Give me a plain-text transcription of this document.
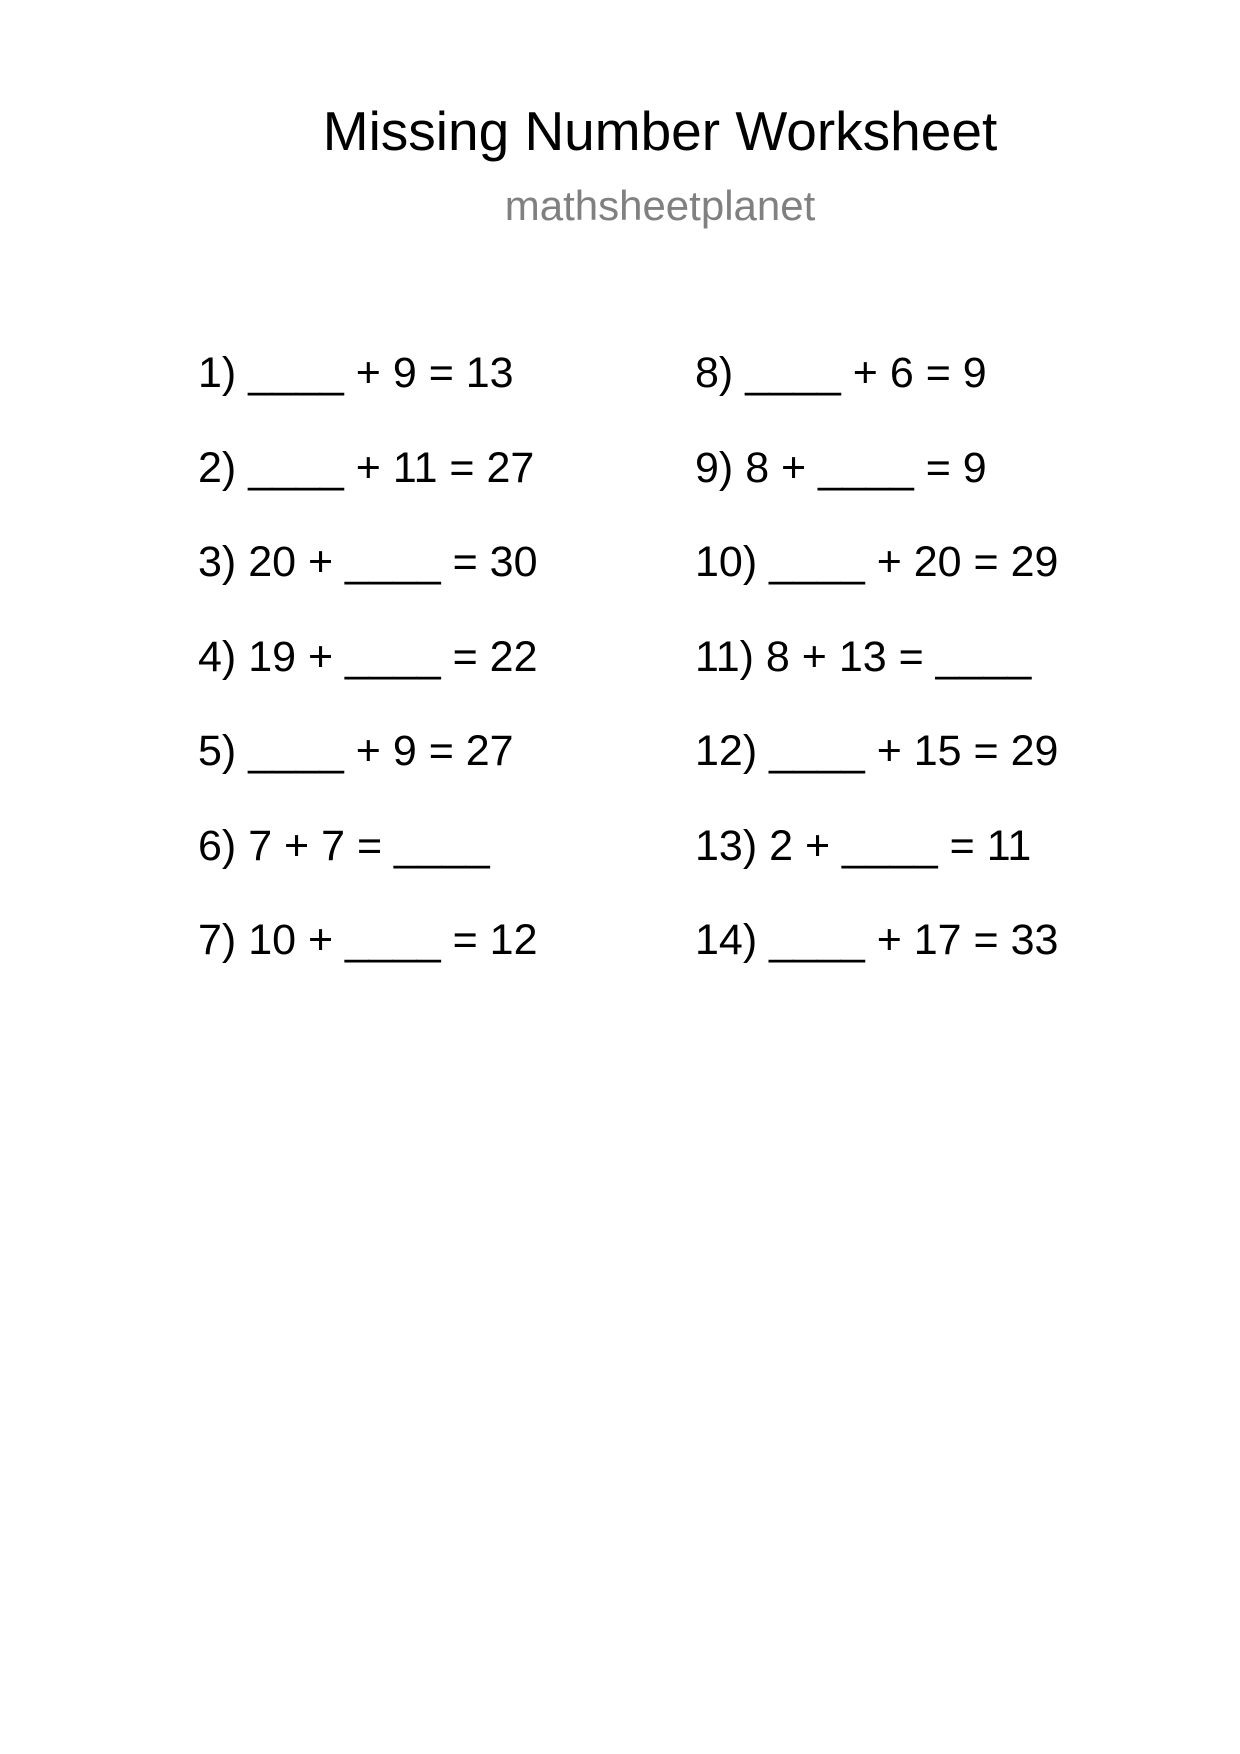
Missing Number Worksheet
mathsheetplanet
1) ____ + 9 = 13
2) ____ + 11 = 27
3) 20 + ____ = 30
4) 19 + ____ = 22
5) ____ + 9 = 27
6) 7 + 7 = ____
7) 10 + ____ = 12
8) ____ + 6 = 9
9) 8 + ____ = 9
10) ____ + 20 = 29
11) 8 + 13 = ____
12) ____ + 15 = 29
13) 2 + ____ = 11
14) ____ + 17 = 33
